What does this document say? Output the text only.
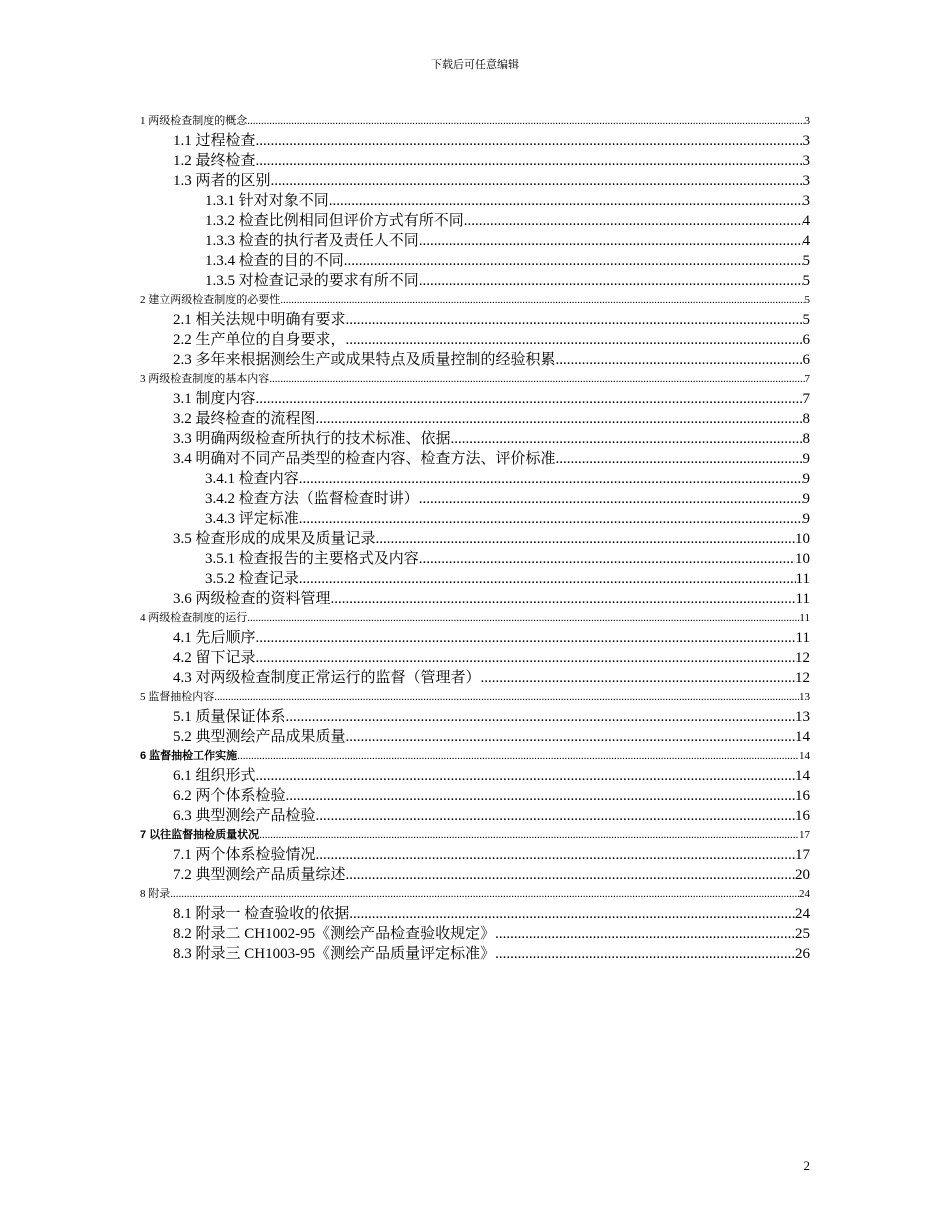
下载后可任意编辑
1 两级检查制度的概念 .....	3
1.1 过程检查 .....	3
1.2 最终检查 .....	3
1.3 两者的区别 .....	3
1.3.1 针对对象不同 .....	3
1.3.2 检查比例相同但评价方式有所不同 .....	4
1.3.3 检查的执行者及责任人不同 .....	4
1.3.4 检查的目的不同 .....	5
1.3.5 对检查记录的要求有所不同 .....	5
2 建立两级检查制度的必要性 .....	5
2.1 相关法规中明确有要求 .....	5
2.2 生产单位的自身要求， .....	6
2.3 多年来根据测绘生产或成果特点及质量控制的经验积累 .....	6
3 两级检查制度的基本内容 .....	7
3.1 制度内容 .....	7
3.2 最终检查的流程图 .....	8
3.3 明确两级检查所执行的技术标准、依据 .....	8
3.4 明确对不同产品类型的检查内容、检查方法、评价标准 .....	9
3.4.1 检查内容 .....	9
3.4.2 检查方法（监督检查时讲） .....	9
3.4.3 评定标准 .....	9
3.5 检查形成的成果及质量记录 .....	10
3.5.1 检查报告的主要格式及内容 .....	10
3.5.2 检查记录 .....	11
3.6 两级检查的资料管理 .....	11
4 两级检查制度的运行 .....	11
4.1 先后顺序 .....	11
4.2 留下记录 .....	12
4.3 对两级检查制度正常运行的监督（管理者） .....	12
5 监督抽检内容 .....	13
5.1 质量保证体系 .....	13
5.2 典型测绘产品成果质量 .....	14
6 监督抽检工作实施 .....	14
6.1 组织形式 .....	14
6.2 两个体系检验 .....	16
6.3 典型测绘产品检验 .....	16
7 以往监督抽检质量状况 .....	17
7.1 两个体系检验情况 .....	17
7.2 典型测绘产品质量综述 .....	20
8 附录 .....	24
8.1 附录一 检查验收的依据 .....	24
8.2 附录二 CH1002-95《测绘产品检查验收规定》 .....	25
8.3 附录三 CH1003-95《测绘产品质量评定标准》 .....	26
2
